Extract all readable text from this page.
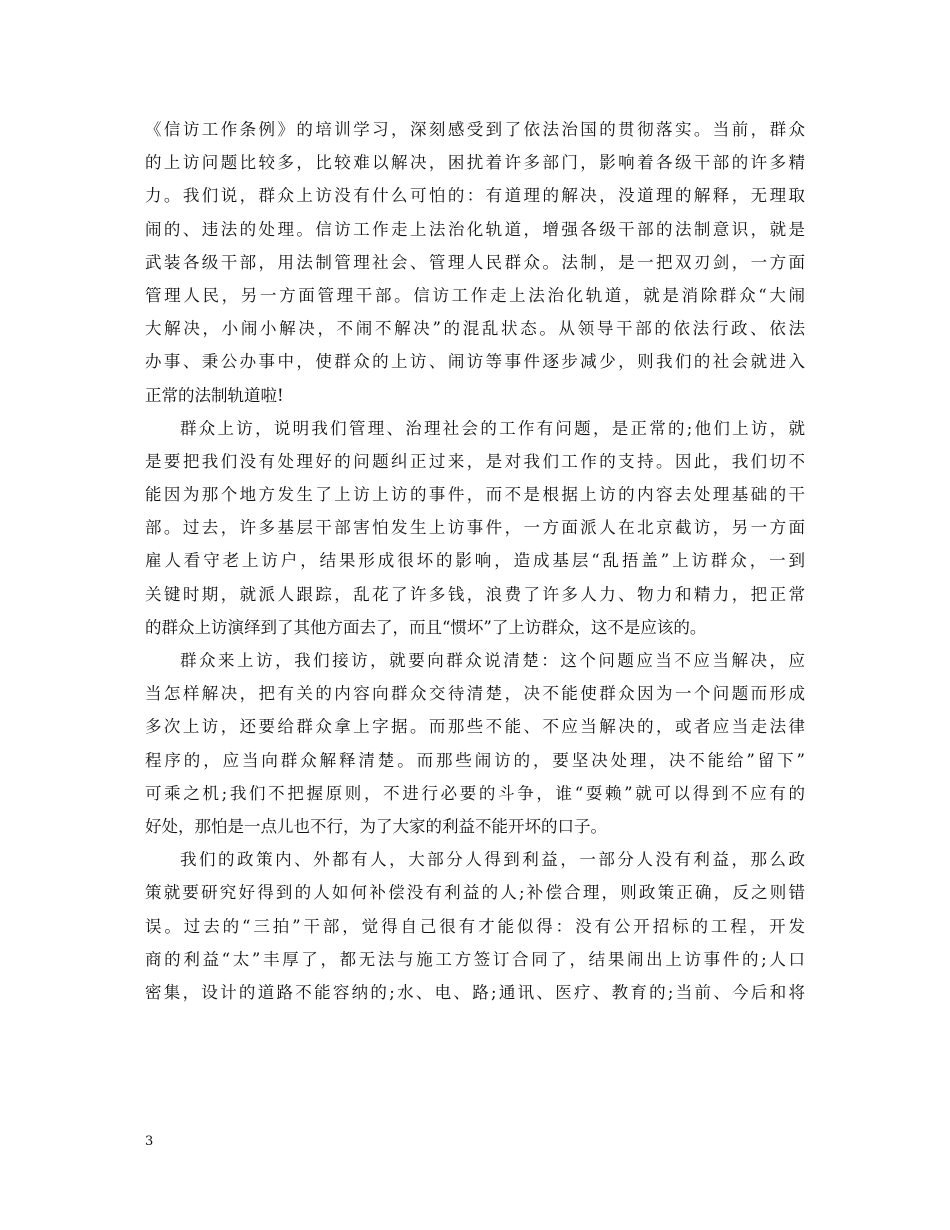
《信访工作条例》的培训学习，深刻感受到了依法治国的贯彻落实。当前，群众
的上访问题比较多，比较难以解决，困扰着许多部门，影响着各级干部的许多精
力。我们说，群众上访没有什么可怕的：有道理的解决，没道理的解释，无理取
闹的、违法的处理。信访工作走上法治化轨道，增强各级干部的法制意识，就是
武装各级干部，用法制管理社会、管理人民群众。法制，是一把双刃剑，一方面
管理人民，另一方面管理干部。信访工作走上法治化轨道，就是消除群众“大闹
大解决，小闹小解决，不闹不解决”的混乱状态。从领导干部的依法行政、依法
办事、秉公办事中，使群众的上访、闹访等事件逐步减少，则我们的社会就进入
正常的法制轨道啦!
群众上访，说明我们管理、治理社会的工作有问题，是正常的;他们上访，就
是要把我们没有处理好的问题纠正过来，是对我们工作的支持。因此，我们切不
能因为那个地方发生了上访上访的事件，而不是根据上访的内容去处理基础的干
部。过去，许多基层干部害怕发生上访事件，一方面派人在北京截访，另一方面
雇人看守老上访户，结果形成很坏的影响，造成基层“乱捂盖”上访群众，一到
关键时期，就派人跟踪，乱花了许多钱，浪费了许多人力、物力和精力，把正常
的群众上访演绎到了其他方面去了，而且“惯坏”了上访群众，这不是应该的。
群众来上访，我们接访，就要向群众说清楚：这个问题应当不应当解决，应
当怎样解决，把有关的内容向群众交待清楚，决不能使群众因为一个问题而形成
多次上访，还要给群众拿上字据。而那些不能、不应当解决的，或者应当走法律
程序的，应当向群众解释清楚。而那些闹访的，要坚决处理，决不能给”留下”
可乘之机;我们不把握原则，不进行必要的斗争，谁“耍赖”就可以得到不应有的
好处，那怕是一点儿也不行，为了大家的利益不能开坏的口子。
我们的政策内、外都有人，大部分人得到利益，一部分人没有利益，那么政
策就要研究好得到的人如何补偿没有利益的人;补偿合理，则政策正确，反之则错
误。过去的“三拍”干部，觉得自己很有才能似得：没有公开招标的工程，开发
商的利益“太”丰厚了，都无法与施工方签订合同了，结果闹出上访事件的;人口
密集，设计的道路不能容纳的;水、电、路;通讯、医疗、教育的;当前、今后和将
3
